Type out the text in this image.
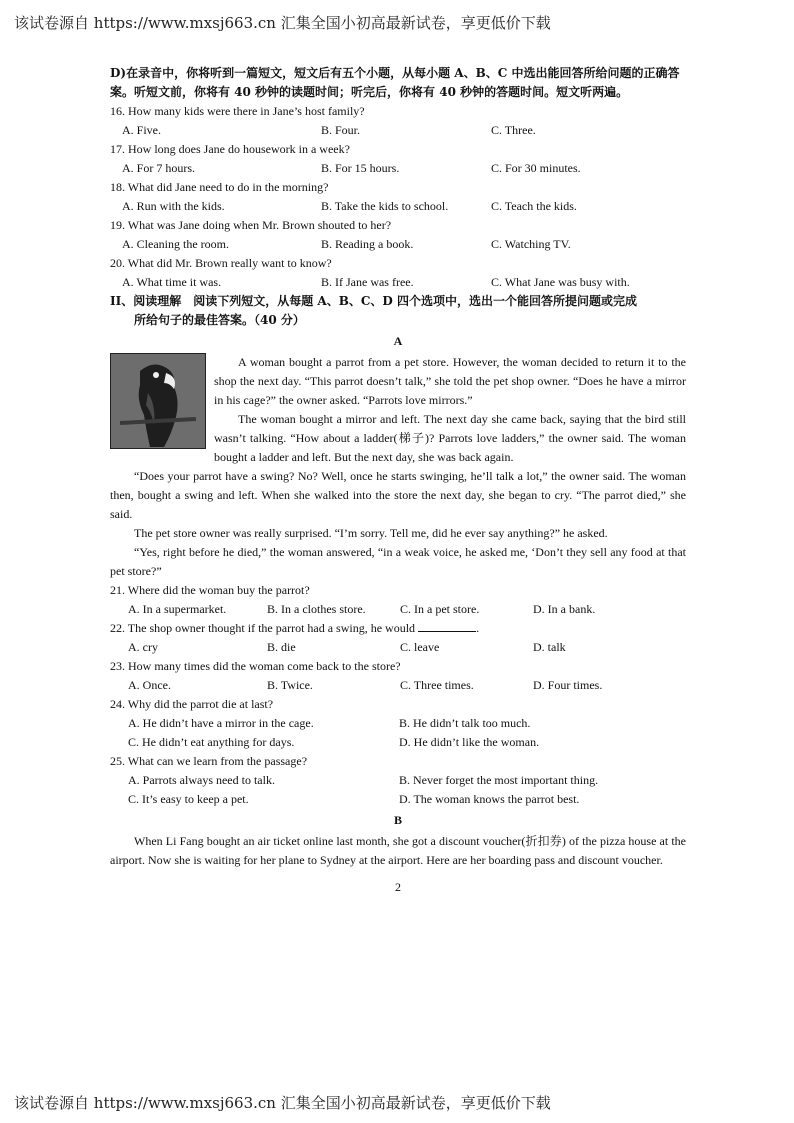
该试卷源自 https://www.mxsj663.cn 汇集全国小初高最新试卷，享更低价下载

D)在录音中，你将听到一篇短文，短文后有五个小题，从每小题 A、B、C 中选出能回答所给问题的正确答案。听短文前，你将有 40 秒钟的读题时间；听完后，你将有 40 秒钟的答题时间。短文听两遍。

16. How many kids were there in Jane’s host family?

A. Five.	B. Four.	C. Three.

17. How long does Jane do housework in a week?

A. For 7 hours.	B. For 15 hours.	C. For 30 minutes.

18. What did Jane need to do in the morning?

A. Run with the kids.	B. Take the kids to school.	C. Teach the kids.

19. What was Jane doing when Mr. Brown shouted to her?

A. Cleaning the room.	B. Reading a book.	C. Watching TV.

20. What did Mr. Brown really want to know?

A. What time it was.	B. If Jane was free.	C. What Jane was busy with.

II、阅读理解　阅读下列短文，从每题 A、B、C、D 四个选项中，选出一个能回答所提问题或完成

所给句子的最佳答案。（40 分）

A

A woman bought a parrot from a pet store. However, the woman decided to return it to the shop the next day. “This parrot doesn’t talk,” she told the pet shop owner. “Does he have a mirror in his cage?” the owner asked. “Parrots love mirrors.”

The woman bought a mirror and left. The next day she came back, saying that the bird still wasn’t talking. “How about a ladder(梯子)? Parrots love ladders,” the owner said. The woman bought a ladder and left. But the next day, she was back again.

“Does your parrot have a swing? No? Well, once he starts swinging, he’ll talk a lot,” the owner said. The woman then, bought a swing and left. When she walked into the store the next day, she began to cry. “The parrot died,” she said.

The pet store owner was really surprised. “I’m sorry. Tell me, did he ever say anything?” he asked.

“Yes, right before he died,” the woman answered, “in a weak voice, he asked me, ‘Don’t they sell any food at that pet store?”

21. Where did the woman buy the parrot?

A. In a supermarket.	B. In a clothes store.	C. In a pet store.	D. In a bank.

22. The shop owner thought if the parrot had a swing, he would	.

A. cry	B. die	C. leave	D. talk

23. How many times did the woman come back to the store?

A. Once.	B. Twice.	C. Three times.	D. Four times.

24. Why did the parrot die at last?

A. He didn’t have a mirror in the cage.	B. He didn’t talk too much.
C. He didn’t eat anything for days.	D. He didn’t like the woman.

25. What can we learn from the passage?

A. Parrots always need to talk.	B. Never forget the most important thing.
C. It’s easy to keep a pet.	D. The woman knows the parrot best.
B

When Li Fang bought an air ticket online last month, she got a discount voucher(折扣券) of the pizza house at the airport. Now she is waiting for her plane to Sydney at the airport. Here are her boarding pass and discount voucher.

2
该试卷源自 https://www.mxsj663.cn 汇集全国小初高最新试卷，享更低价下载
